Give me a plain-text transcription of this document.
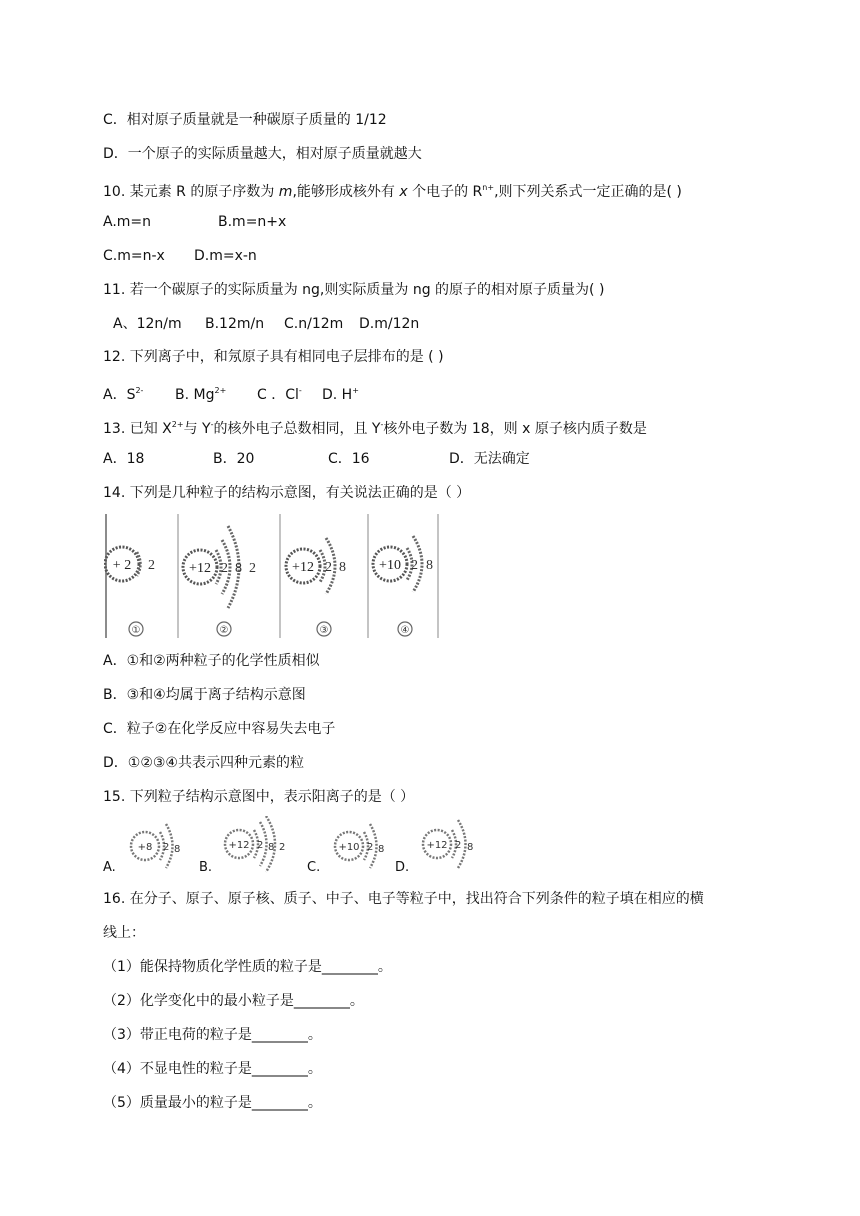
C．相对原子质量就是一种碳原子质量的 1/12
D．一个原子的实际质量越大，相对原子质量就越大
10. 某元素 R 的原子序数为 m,能够形成核外有 x 个电子的 $R^{n+}$,则下列关系式一定正确的是( )
A.m=n	B.m=n+x
C.m=n-x D.m=x-n
11. 若一个碳原子的实际质量为 ng,则实际质量为 ng 的原子的相对原子质量为( )
A、12n/m B.12m/n C.n/12m D.m/12n
12. 下列离子中，和氖原子具有相同电子层排布的是 ( )
A．$S^{2-}$ B. $Mg^{2+}$ C ．Cl- D. H+
13. 已知 $X^{2+}$与 Y-的核外电子总数相同，且 Y-核外电子数为 18，则 x 原子核内质子数是
A．18	B．20	C．16	D．无法确定
14. 下列是几种粒子的结构示意图，有关说法正确的是（ ）
+ 2 2
①
+12 2 8 2
②
+12 2 8
③
+10 2 8
④
A．①和②两种粒子的化学性质相似
B．③和④均属于离子结构示意图
C．粒子②在化学反应中容易失去电子
D．①②③④共表示四种元素的粒
15. 下列粒子结构示意图中，表示阳离子的是（ ）
A.
+8 2 8
B.
+12 2 8 2
C.
+10 2 8
D.
+12 2 8
16. 在分子、原子、原子核、质子、中子、电子等粒子中，找出符合下列条件的粒子填在相应的横
线上：
（1）能保持物质化学性质的粒子是________。
（2）化学变化中的最小粒子是________。
（3）带正电荷的粒子是________。
（4）不显电性的粒子是________。
（5）质量最小的粒子是________。
